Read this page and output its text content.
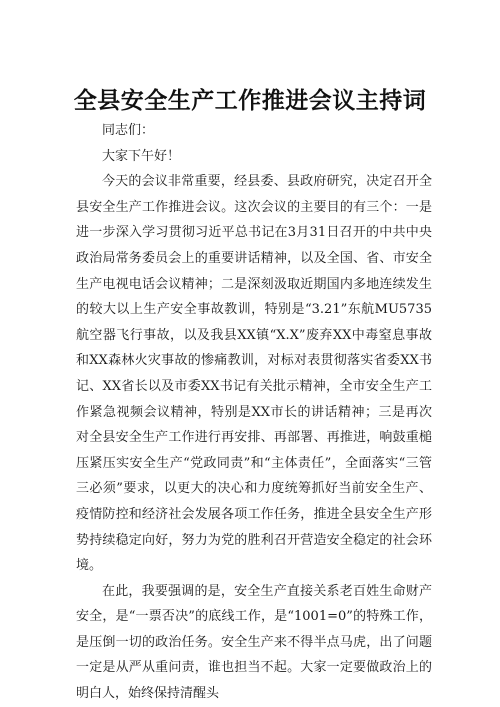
全县安全生产工作推进会议主持词

同志们：

大家下午好！

今天的会议非常重要，经县委、县政府研究，决定召开全县安全生产工作推进会议。这次会议的主要目的有三个：一是进一步深入学习贯彻习近平总书记在3月31日召开的中共中央政治局常务委员会上的重要讲话精神，以及全国、省、市安全生产电视电话会议精神；二是深刻汲取近期国内多地连续发生的较大以上生产安全事故教训，特别是“3.21”东航MU5735航空器飞行事故，以及我县XX镇“X.X”废弃XX中毒窒息事故和XX森林火灾事故的惨痛教训，对标对表贯彻落实省委XX书记、XX省长以及市委XX书记有关批示精神，全市安全生产工作紧急视频会议精神，特别是XX市长的讲话精神；三是再次对全县安全生产工作进行再安排、再部署、再推进，响鼓重槌压紧压实安全生产“党政同责”和“主体责任”，全面落实“三管三必须”要求，以更大的决心和力度统筹抓好当前安全生产、疫情防控和经济社会发展各项工作任务，推进全县安全生产形势持续稳定向好，努力为党的胜利召开营造安全稳定的社会环境。

在此，我要强调的是，安全生产直接关系老百姓生命财产安全，是“一票否决”的底线工作，是“1001=0”的特殊工作，是压倒一切的政治任务。安全生产来不得半点马虎，出了问题一定是从严从重问责，谁也担当不起。大家一定要做政治上的明白人，始终保持清醒头
